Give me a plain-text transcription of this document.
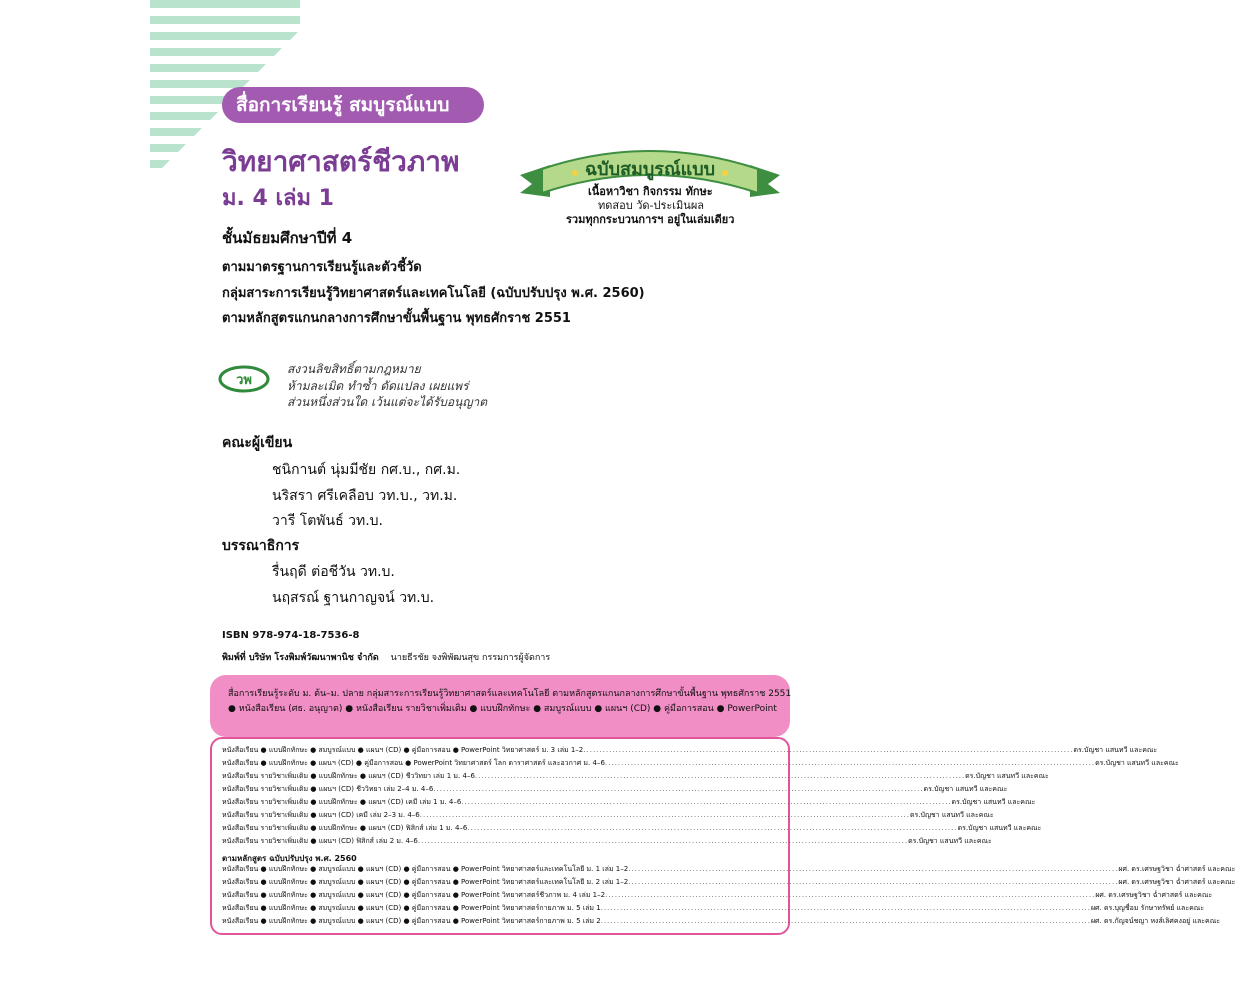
สื่อการเรียนรู้ สมบูรณ์แบบ
วิทยาศาสตร์ชีวภาพ
ม. 4 เล่ม 1
ฉบับสมบูรณ์แบบ
เนื้อหาวิชา กิจกรรม ทักษะ
ทดสอบ วัด-ประเมินผล
รวมทุกกระบวนการฯ อยู่ในเล่มเดียว
ชั้นมัธยมศึกษาปีที่ 4
ตามมาตรฐานการเรียนรู้และตัวชี้วัด
กลุ่มสาระการเรียนรู้วิทยาศาสตร์และเทคโนโลยี (ฉบับปรับปรุง พ.ศ. 2560)
ตามหลักสูตรแกนกลางการศึกษาขั้นพื้นฐาน พุทธศักราช 2551
วพ
สงวนลิขสิทธิ์ตามกฎหมาย
ห้ามละเมิด ทำซ้ำ ดัดแปลง เผยแพร่
ส่วนหนึ่งส่วนใด เว้นแต่จะได้รับอนุญาต
คณะผู้เขียน
ชนิกานต์ นุ่มมีชัย กศ.บ., กศ.ม.
นริสรา ศรีเคลือบ วท.บ., วท.ม.
วารี โตพันธ์ วท.บ.
บรรณาธิการ
รื่นฤดี ต่อชีวัน วท.บ.
นฤสรณ์ ฐานกาญจน์ วท.บ.
ISBN 978-974-18-7536-8
พิมพ์ที่ บริษัท โรงพิมพ์วัฒนาพานิช จำกัด นายธีรชัย จงพิพัฒนสุข กรรมการผู้จัดการ
สื่อการเรียนรู้ระดับ ม. ต้น–ม. ปลาย กลุ่มสาระการเรียนรู้วิทยาศาสตร์และเทคโนโลยี ตามหลักสูตรแกนกลางการศึกษาขั้นพื้นฐาน พุทธศักราช 2551
● หนังสือเรียน (ศธ. อนุญาต) ● หนังสือเรียน รายวิชาเพิ่มเติม ● แบบฝึกทักษะ ● สมบูรณ์แบบ ● แผนฯ (CD) ● คู่มือการสอน ● PowerPoint
หนังสือเรียน ● แบบฝึกทักษะ ● สมบูรณ์แบบ ● แผนฯ (CD) ● คู่มือการสอน ● PowerPoint วิทยาศาสตร์ ม. 3 เล่ม 1–2 .....	ดร.บัญชา แสนทวี และคณะ
หนังสือเรียน ● แบบฝึกทักษะ ● แผนฯ (CD) ● คู่มือการสอน ● PowerPoint วิทยาศาสตร์ โลก ดาราศาสตร์ และอวกาศ ม. 4–6 .....	ดร.บัญชา แสนทวี และคณะ
หนังสือเรียน รายวิชาเพิ่มเติม ● แบบฝึกทักษะ ● แผนฯ (CD) ชีววิทยา เล่ม 1 ม. 4–6 .....	ดร.บัญชา แสนทวี และคณะ
หนังสือเรียน รายวิชาเพิ่มเติม ● แผนฯ (CD) ชีววิทยา เล่ม 2–4 ม. 4–6 .....	ดร.บัญชา แสนทวี และคณะ
หนังสือเรียน รายวิชาเพิ่มเติม ● แบบฝึกทักษะ ● แผนฯ (CD) เคมี เล่ม 1 ม. 4–6 .....	ดร.บัญชา แสนทวี และคณะ
หนังสือเรียน รายวิชาเพิ่มเติม ● แผนฯ (CD) เคมี เล่ม 2–3 ม. 4–6 .....	ดร.บัญชา แสนทวี และคณะ
หนังสือเรียน รายวิชาเพิ่มเติม ● แบบฝึกทักษะ ● แผนฯ (CD) ฟิสิกส์ เล่ม 1 ม. 4–6 .....	ดร.บัญชา แสนทวี และคณะ
หนังสือเรียน รายวิชาเพิ่มเติม ● แผนฯ (CD) ฟิสิกส์ เล่ม 2 ม. 4–6 .....	ดร.บัญชา แสนทวี และคณะ
ตามหลักสูตร ฉบับปรับปรุง พ.ศ. 2560
หนังสือเรียน ● แบบฝึกทักษะ ● สมบูรณ์แบบ ● แผนฯ (CD) ● คู่มือการสอน ● PowerPoint วิทยาศาสตร์และเทคโนโลยี ม. 1 เล่ม 1–2 .....	ผศ. ดร.เศรษฐวิชา ฉ่ำศาสตร์ และคณะ
หนังสือเรียน ● แบบฝึกทักษะ ● สมบูรณ์แบบ ● แผนฯ (CD) ● คู่มือการสอน ● PowerPoint วิทยาศาสตร์และเทคโนโลยี ม. 2 เล่ม 1–2 .....	ผศ. ดร.เศรษฐวิชา ฉ่ำศาสตร์ และคณะ
หนังสือเรียน ● แบบฝึกทักษะ ● สมบูรณ์แบบ ● แผนฯ (CD) ● คู่มือการสอน ● PowerPoint วิทยาศาสตร์ชีวภาพ ม. 4 เล่ม 1–2 .....	ผศ. ดร.เศรษฐวิชา ฉ่ำศาสตร์ และคณะ
หนังสือเรียน ● แบบฝึกทักษะ ● สมบูรณ์แบบ ● แผนฯ (CD) ● คู่มือการสอน ● PowerPoint วิทยาศาสตร์กายภาพ ม. 5 เล่ม 1 .....	ผศ. ดร.บุญชื่อม รักษาทรัพย์ และคณะ
หนังสือเรียน ● แบบฝึกทักษะ ● สมบูรณ์แบบ ● แผนฯ (CD) ● คู่มือการสอน ● PowerPoint วิทยาศาสตร์กายภาพ ม. 5 เล่ม 2 .....	ผศ. ดร.กัญจน์ชญา หงส์เลิศคงอยู่ และคณะ
